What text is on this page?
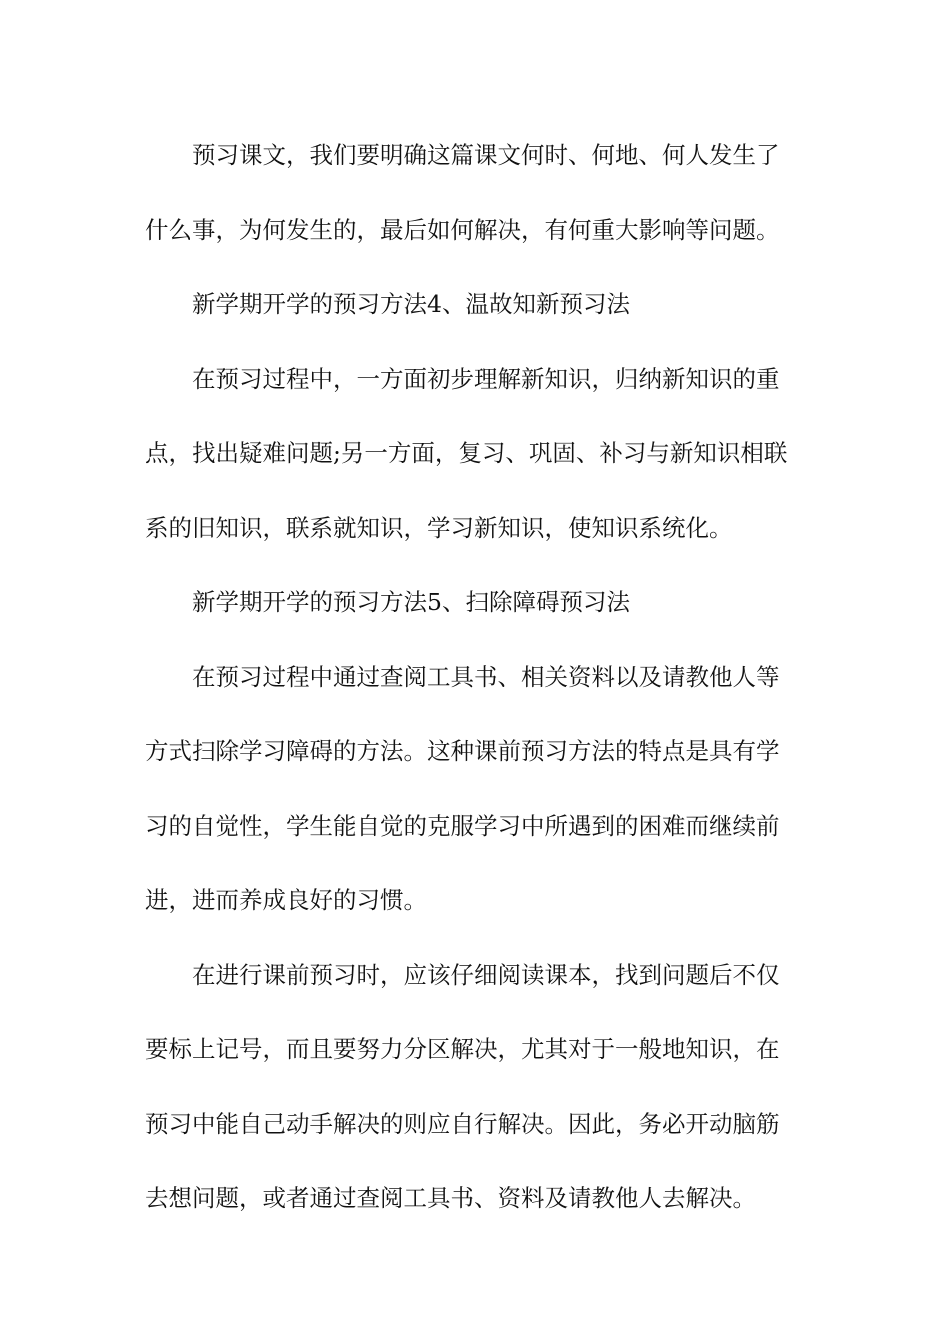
预习课文，我们要明确这篇课文何时、何地、何人发生了

什么事，为何发生的，最后如何解决，有何重大影响等问题。

新学期开学的预习方法4、温故知新预习法

在预习过程中，一方面初步理解新知识，归纳新知识的重

点，找出疑难问题;另一方面，复习、巩固、补习与新知识相联

系的旧知识，联系就知识，学习新知识，使知识系统化。

新学期开学的预习方法5、扫除障碍预习法

在预习过程中通过查阅工具书、相关资料以及请教他人等

方式扫除学习障碍的方法。这种课前预习方法的特点是具有学

习的自觉性，学生能自觉的克服学习中所遇到的困难而继续前

进，进而养成良好的习惯。

在进行课前预习时，应该仔细阅读课本，找到问题后不仅

要标上记号，而且要努力分区解决，尤其对于一般地知识，在

预习中能自己动手解决的则应自行解决。因此，务必开动脑筋

去想问题，或者通过查阅工具书、资料及请教他人去解决。
